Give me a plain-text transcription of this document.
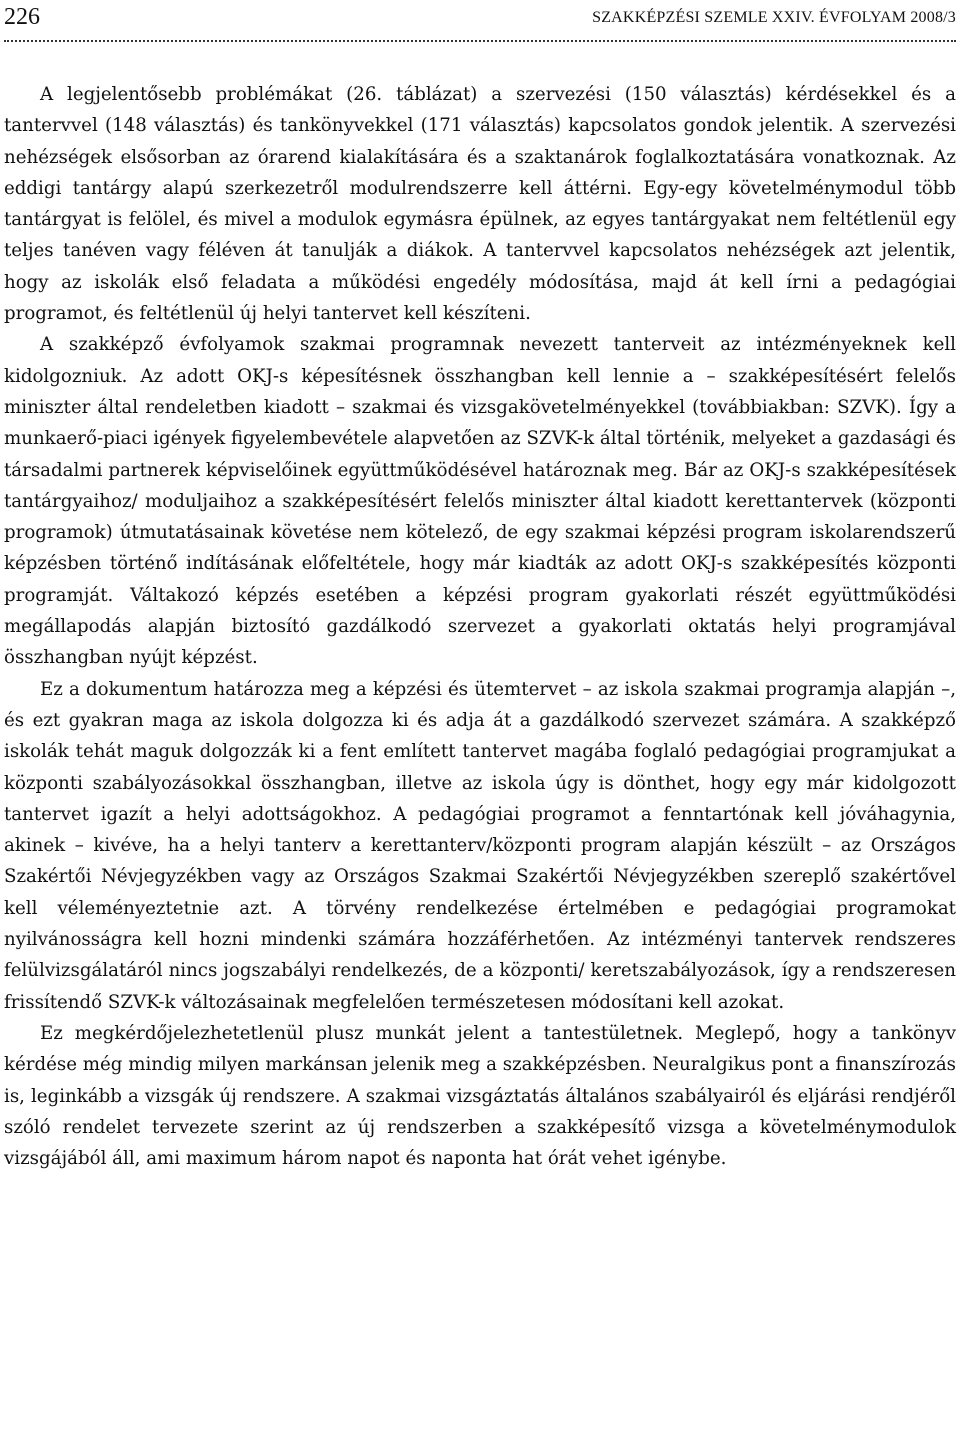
226	SZAKKÉPZÉSI SZEMLE XXIV. ÉVFOLYAM 2008/3

A legjelentősebb problémákat (26. táblázat) a szervezési (150 választás) kérdésekkel és a tantervvel (148 választás) és tankönyvekkel (171 választás) kapcsolatos gondok jelentik. A szervezési nehézségek elsősorban az órarend kialakítására és a szaktanárok foglalkoztatására vonatkoznak. Az eddigi tantárgy alapú szerkezetről modulrendszerre kell áttérni. Egy-egy követelménymodul több tantárgyat is felölel, és mivel a modulok egymásra épülnek, az egyes tantárgyakat nem feltétlenül egy teljes tanéven vagy féléven át tanulják a diákok. A tantervvel kapcsolatos nehézségek azt jelentik, hogy az iskolák első feladata a működési engedély módosítása, majd át kell írni a pedagógiai programot, és feltétlenül új helyi tantervet kell készíteni.

A szakképző évfolyamok szakmai programnak nevezett tanterveit az intézményeknek kell kidolgozniuk. Az adott OKJ-s képesítésnek összhangban kell lennie a – szakképesítésért felelős miniszter által rendeletben kiadott – szakmai és vizsgakövetelményekkel (továbbiakban: SZVK). Így a munkaerő-piaci igények figyelembevétele alapvetően az SZVK-k által történik, melyeket a gazdasági és társadalmi partnerek képviselőinek együttműködésével határoznak meg. Bár az OKJ-s szakképesítések tantárgyaihoz/ moduljaihoz a szakképesítésért felelős miniszter által kiadott kerettantervek (központi programok) útmutatásainak követése nem kötelező, de egy szakmai képzési program iskolarendszerű képzésben történő indításának előfeltétele, hogy már kiadták az adott OKJ-s szakképesítés központi programját. Váltakozó képzés esetében a képzési program gyakorlati részét együttműködési megállapodás alapján biztosító gazdálkodó szervezet a gyakorlati oktatás helyi programjával összhangban nyújt képzést.

Ez a dokumentum határozza meg a képzési és ütemtervet – az iskola szakmai programja alapján –, és ezt gyakran maga az iskola dolgozza ki és adja át a gazdálkodó szervezet számára. A szakképző iskolák tehát maguk dolgozzák ki a fent említett tantervet magába foglaló pedagógiai programjukat a központi szabályozásokkal összhangban, illetve az iskola úgy is dönthet, hogy egy már kidolgozott tantervet igazít a helyi adottságokhoz. A pedagógiai programot a fenntartónak kell jóváhagynia, akinek – kivéve, ha a helyi tanterv a kerettanterv/központi program alapján készült – az Országos Szakértői Névjegyzékben vagy az Országos Szakmai Szakértői Névjegyzékben szereplő szakértővel kell véleményeztetnie azt. A törvény rendelkezése értelmében e pedagógiai programokat nyilvánosságra kell hozni mindenki számára hozzáférhetően. Az intézményi tantervek rendszeres felülvizsgálatáról nincs jogszabályi rendelkezés, de a központi/ keretszabályozások, így a rendszeresen frissítendő SZVK-k változásainak megfelelően természetesen módosítani kell azokat.

Ez megkérdőjelezhetetlenül plusz munkát jelent a tantestületnek. Meglepő, hogy a tankönyv kérdése még mindig milyen markánsan jelenik meg a szakképzésben. Neuralgikus pont a finanszírozás is, leginkább a vizsgák új rendszere. A szakmai vizsgáztatás általános szabályairól és eljárási rendjéről szóló rendelet tervezete szerint az új rendszerben a szakképesítő vizsga a követelménymodulok vizsgájából áll, ami maximum három napot és naponta hat órát vehet igénybe.
